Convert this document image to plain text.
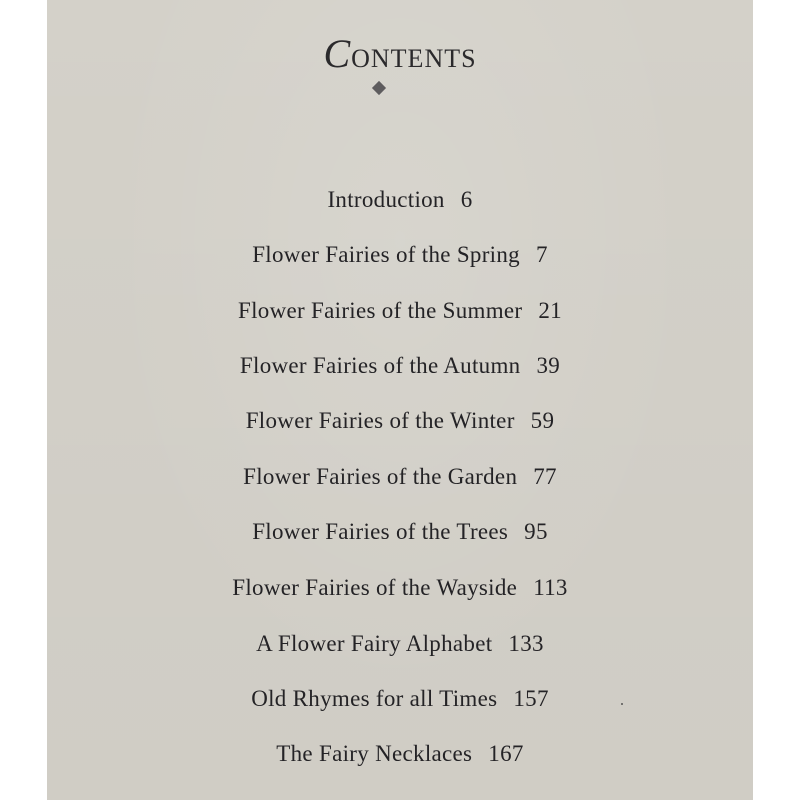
CONTENTS
Introduction 6
Flower Fairies of the Spring 7
Flower Fairies of the Summer 21
Flower Fairies of the Autumn 39
Flower Fairies of the Winter 59
Flower Fairies of the Garden 77
Flower Fairies of the Trees 95
Flower Fairies of the Wayside 113
A Flower Fairy Alphabet 133
Old Rhymes for all Times 157
The Fairy Necklaces 167
